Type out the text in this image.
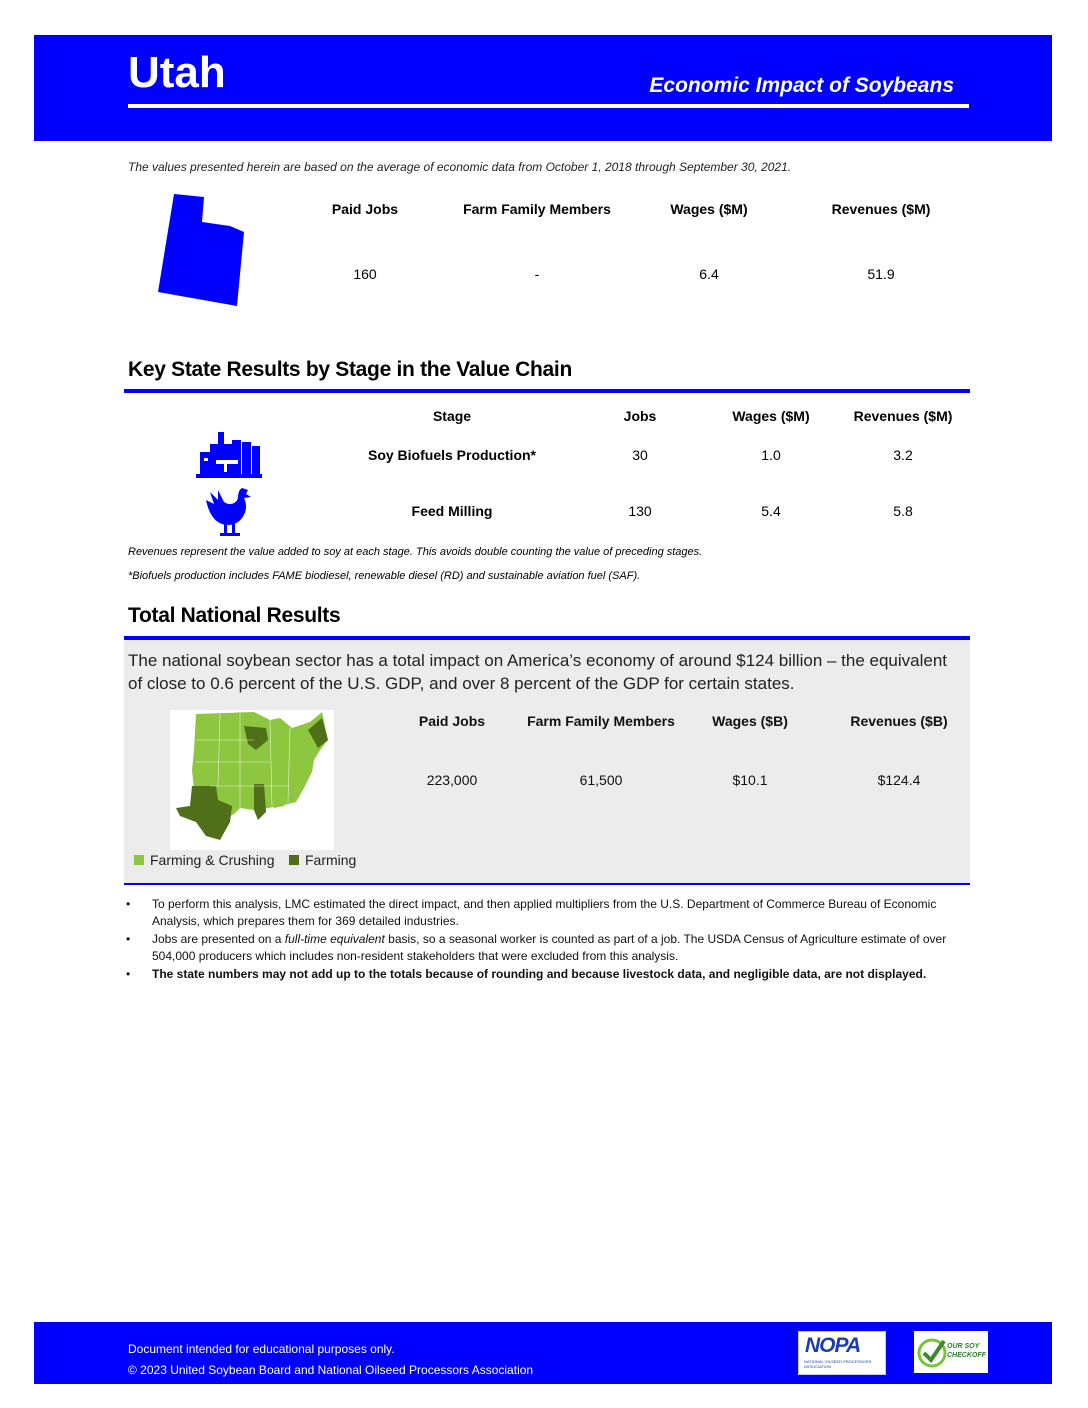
Utah	Economic Impact of Soybeans
The values presented herein are based on the average of economic data from October 1, 2018 through September 30, 2021.
Paid Jobs	Farm Family Members	Wages ($M)	Revenues ($M)
160	-	6.4	51.9
Key State Results by Stage in the Value Chain
Stage	Jobs	Wages ($M)	Revenues ($M)
Soy Biofuels Production*	30	1.0	3.2
Feed Milling	130	5.4	5.8
Revenues represent the value added to soy at each stage. This avoids double counting the value of preceding stages.
*Biofuels production includes FAME biodiesel, renewable diesel (RD) and sustainable aviation fuel (SAF).
Total National Results
The national soybean sector has a total impact on America’s economy of around $124 billion – the equivalent of close to 0.6 percent of the U.S. GDP, and over 8 percent of the GDP for certain states.
Paid Jobs	Farm Family Members	Wages ($B)	Revenues ($B)
223,000	61,500	$10.1	$124.4
Farming & Crushing Farming
•	To perform this analysis, LMC estimated the direct impact, and then applied multipliers from the U.S. Department of Commerce Bureau of Economic Analysis, which prepares them for 369 detailed industries.
•	Jobs are presented on a full-time equivalent basis, so a seasonal worker is counted as part of a job. The USDA Census of Agriculture estimate of over 504,000 producers which includes non-resident stakeholders that were excluded from this analysis.
•	The state numbers may not add up to the totals because of rounding and because livestock data, and negligible data, are not displayed.
Document intended for educational purposes only.
© 2023 United Soybean Board and National Oilseed Processors Association
NOPA
NATIONAL OILSEED PROCESSORS ASSOCIATION
OUR SOY CHECKOFF
